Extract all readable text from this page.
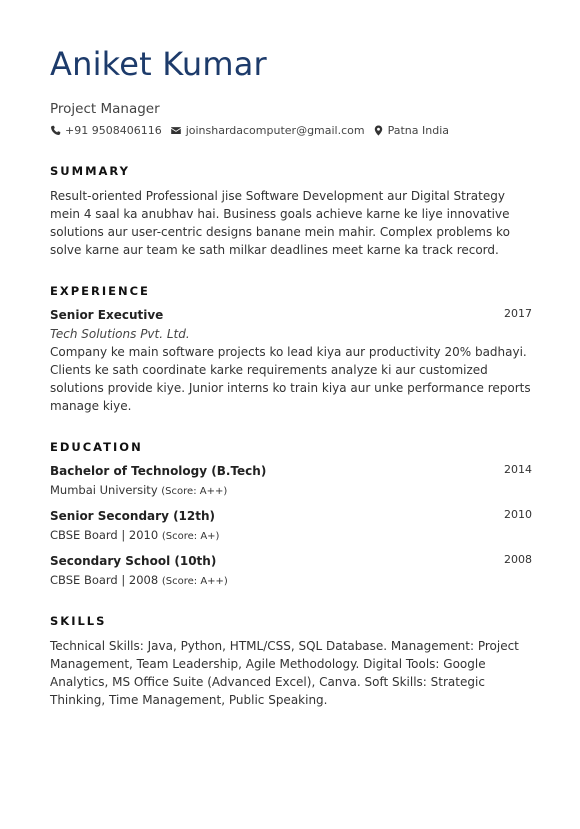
Aniket Kumar
Project Manager
+91 9508406116 joinshardacomputer@gmail.com Patna India
SUMMARY

Result-oriented Professional jise Software Development aur Digital Strategy mein 4 saal ka anubhav hai. Business goals achieve karne ke liye innovative solutions aur user-centric designs banane mein mahir. Complex problems ko solve karne aur team ke sath milkar deadlines meet karne ka track record.

EXPERIENCE
Senior Executive	2017
Tech Solutions Pvt. Ltd.

Company ke main software projects ko lead kiya aur productivity 20% badhayi. Clients ke sath coordinate karke requirements analyze ki aur customized solutions provide kiye. Junior interns ko train kiya aur unke performance reports manage kiye.

EDUCATION
Bachelor of Technology (B.Tech)	2014
Mumbai University (Score: A++)
Senior Secondary (12th)	2010
CBSE Board | 2010 (Score: A+)
Secondary School (10th)	2008
CBSE Board | 2008 (Score: A++)
SKILLS

Technical Skills: Java, Python, HTML/CSS, SQL Database. Management: Project Management, Team Leadership, Agile Methodology. Digital Tools: Google Analytics, MS Office Suite (Advanced Excel), Canva. Soft Skills: Strategic Thinking, Time Management, Public Speaking.
